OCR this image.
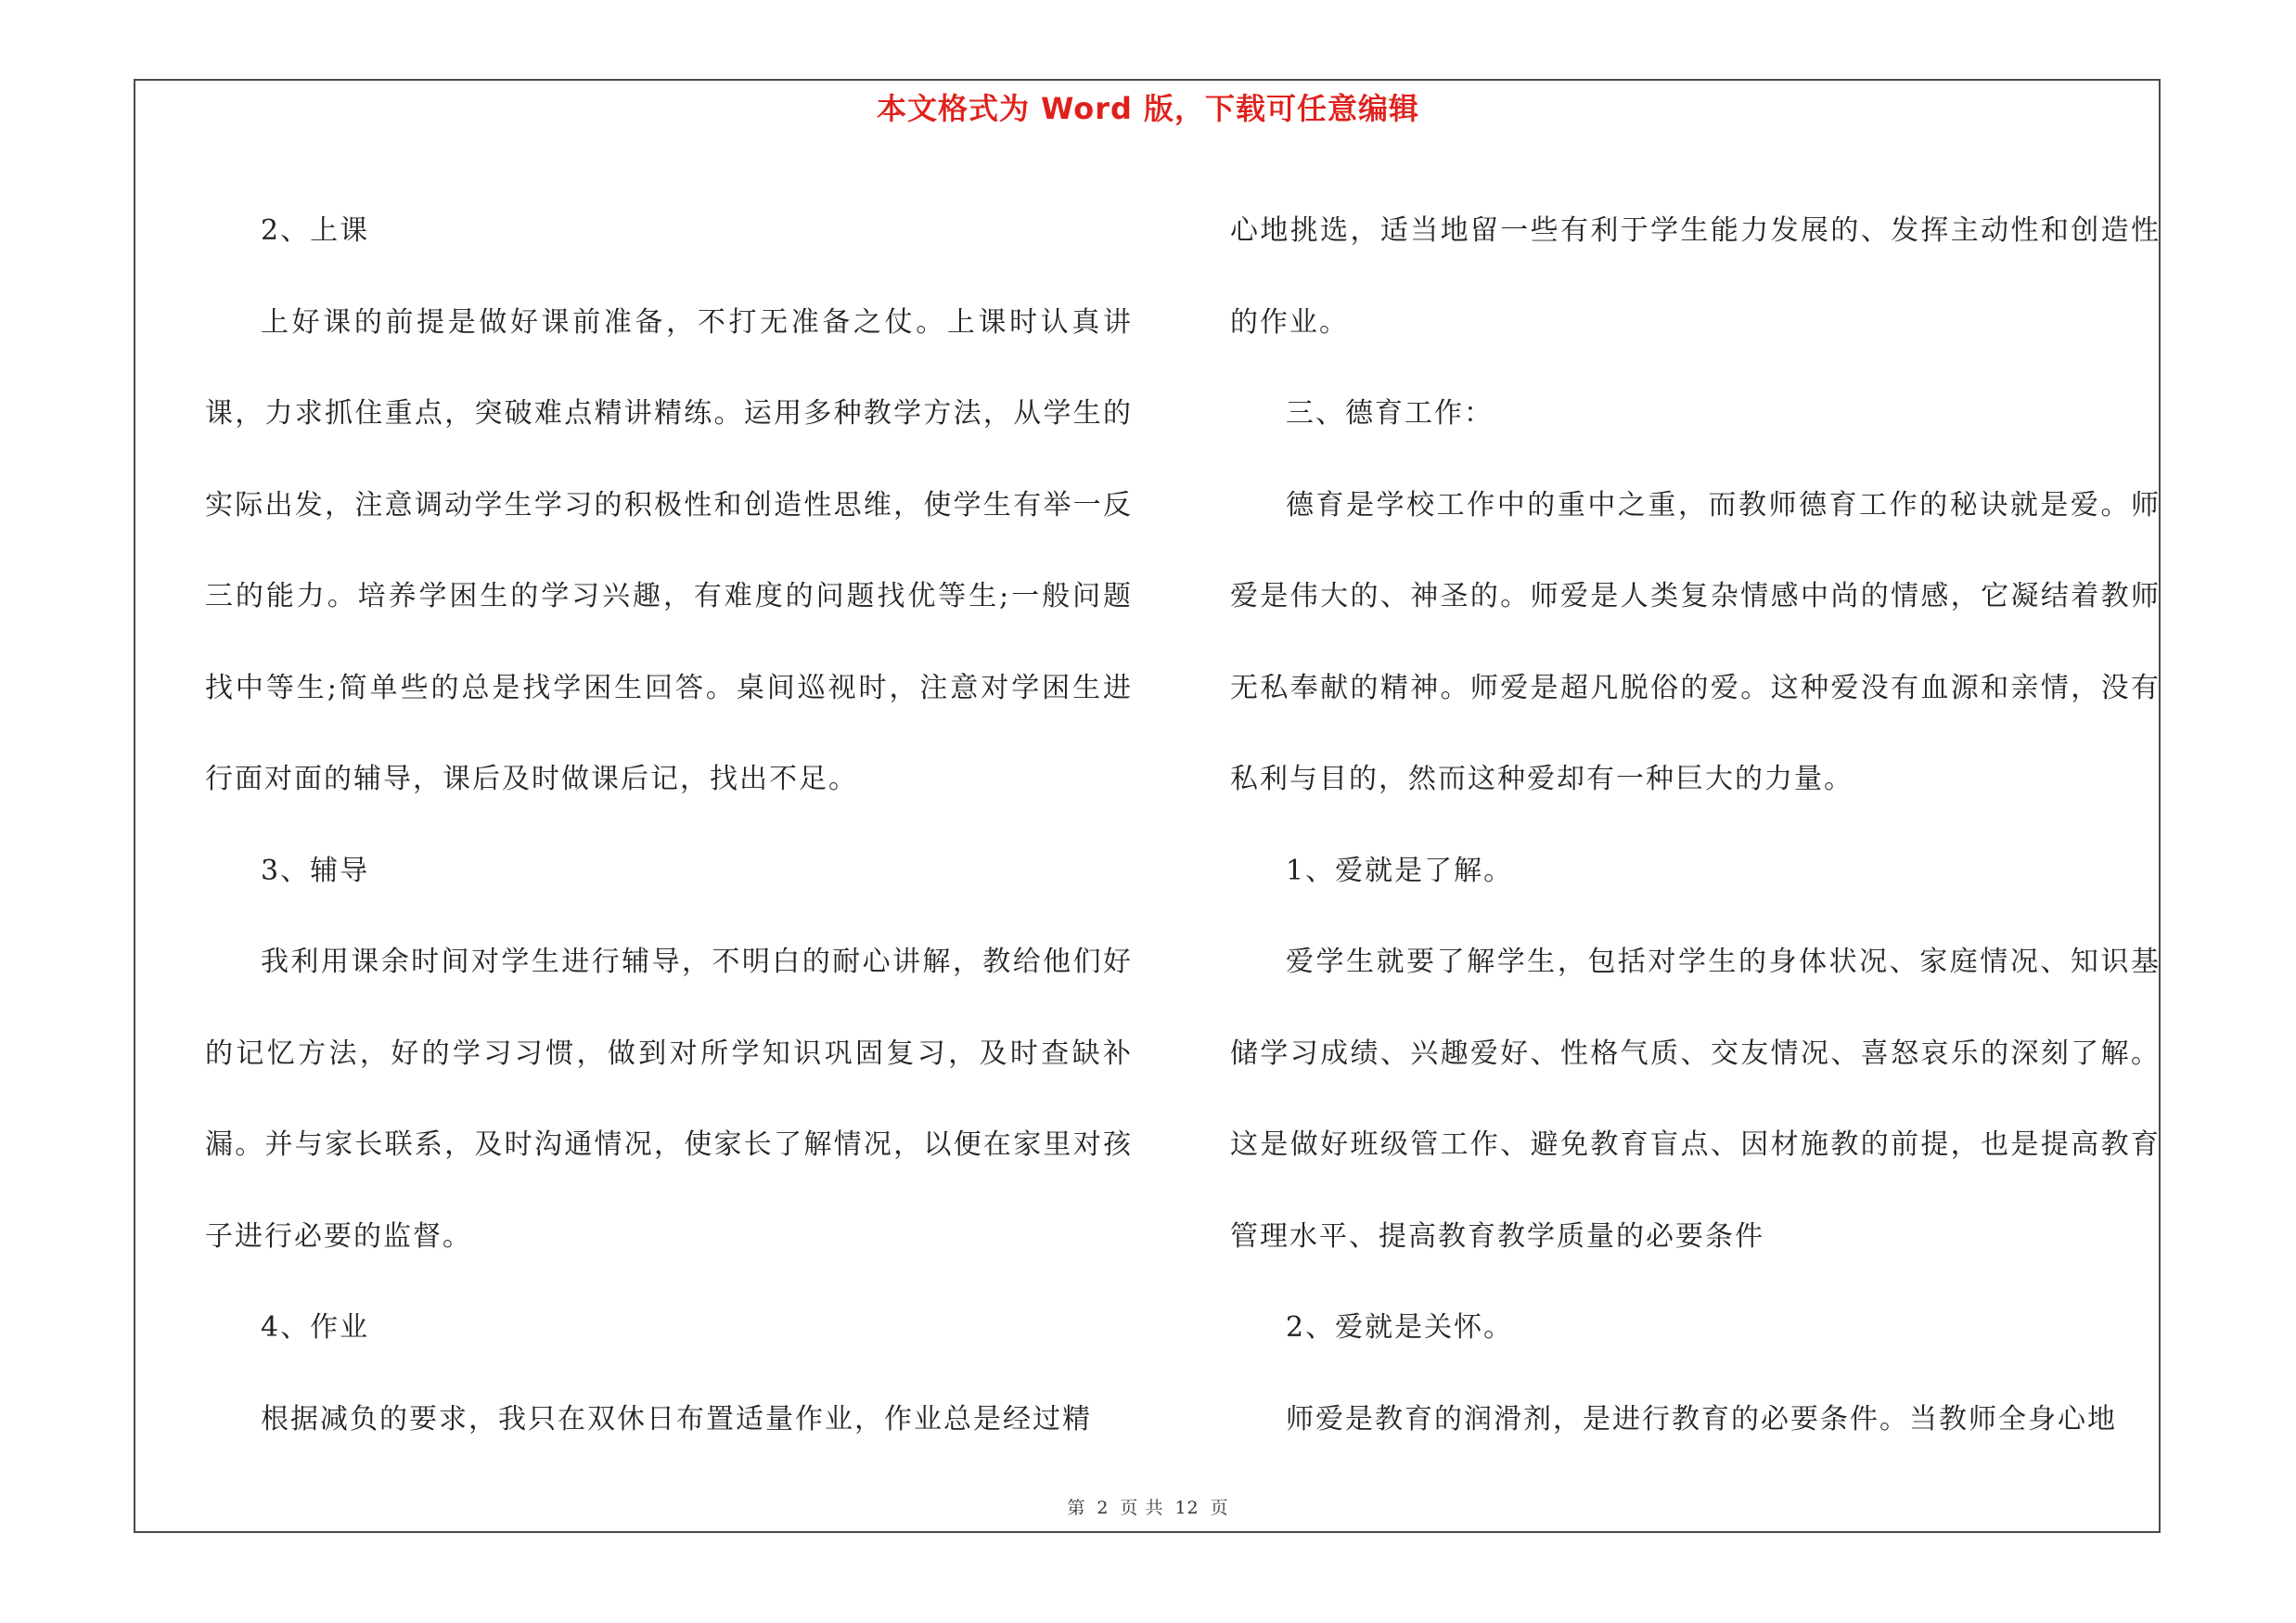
本文格式为 Word 版，下载可任意编辑

2、上课

上好课的前提是做好课前准备，不打无准备之仗。上课时认真讲课，力求抓住重点，突破难点精讲精练。运用多种教学方法，从学生的实际出发，注意调动学生学习的积极性和创造性思维，使学生有举一反三的能力。培养学困生的学习兴趣，有难度的问题找优等生;一般问题找中等生;简单些的总是找学困生回答。桌间巡视时，注意对学困生进行面对面的辅导，课后及时做课后记，找出不足。

3、辅导

我利用课余时间对学生进行辅导，不明白的耐心讲解，教给他们好的记忆方法，好的学习习惯，做到对所学知识巩固复习，及时查缺补漏。并与家长联系，及时沟通情况，使家长了解情况，以便在家里对孩子进行必要的监督。

4、作业

根据减负的要求，我只在双休日布置适量作业，作业总是经过精

心地挑选，适当地留一些有利于学生能力发展的、发挥主动性和创造性的作业。

三、德育工作：

德育是学校工作中的重中之重，而教师德育工作的秘诀就是爱。师爱是伟大的、神圣的。师爱是人类复杂情感中尚的情感，它凝结着教师无私奉献的精神。师爱是超凡脱俗的爱。这种爱没有血源和亲情，没有私利与目的，然而这种爱却有一种巨大的力量。

1、爱就是了解。

爱学生就要了解学生，包括对学生的身体状况、家庭情况、知识基储学习成绩、兴趣爱好、性格气质、交友情况、喜怒哀乐的深刻了解。这是做好班级管工作、避免教育盲点、因材施教的前提，也是提高教育管理水平、提高教育教学质量的必要条件

2、爱就是关怀。

师爱是教育的润滑剂，是进行教育的必要条件。当教师全身心地

第 2 页 共 12 页
